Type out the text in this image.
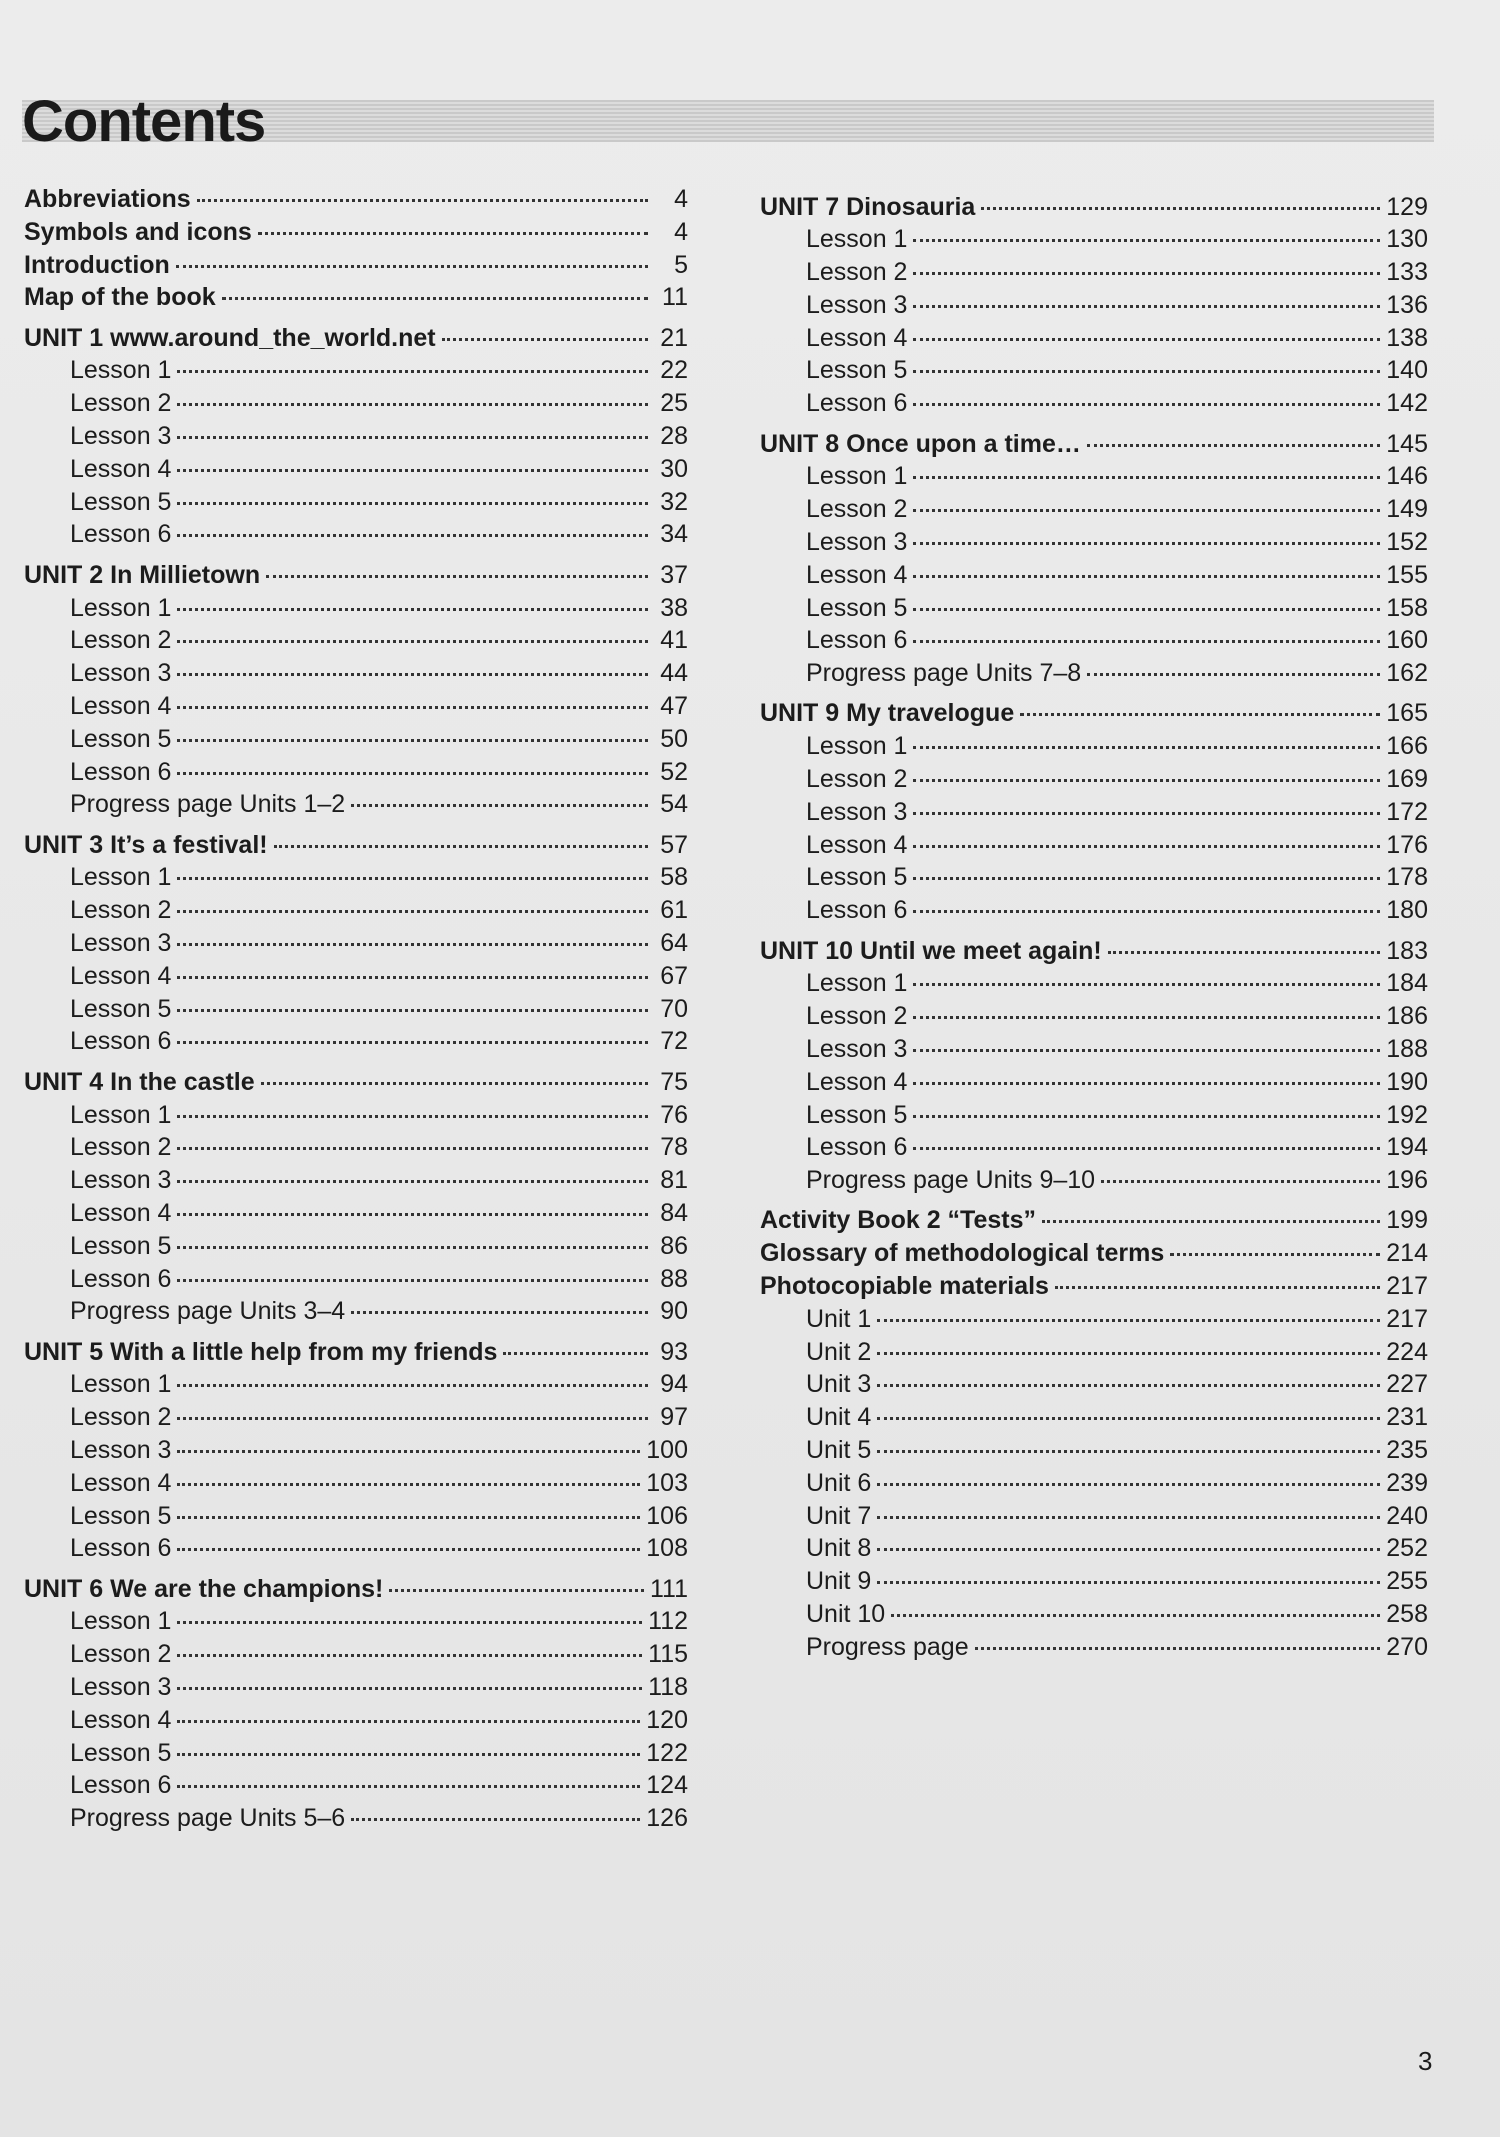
Contents
Abbreviations	4
Symbols and icons	4
Introduction	5
Map of the book	11
UNIT 1 www.around_the_world.net	21
Lesson 1	22
Lesson 2	25
Lesson 3	28
Lesson 4	30
Lesson 5	32
Lesson 6	34
UNIT 2 In Millietown	37
Lesson 1	38
Lesson 2	41
Lesson 3	44
Lesson 4	47
Lesson 5	50
Lesson 6	52
Progress page Units 1–2	54
UNIT 3 It’s a festival!	57
Lesson 1	58
Lesson 2	61
Lesson 3	64
Lesson 4	67
Lesson 5	70
Lesson 6	72
UNIT 4 In the castle	75
Lesson 1	76
Lesson 2	78
Lesson 3	81
Lesson 4	84
Lesson 5	86
Lesson 6	88
Progress page Units 3–4	90
UNIT 5 With a little help from my friends	93
Lesson 1	94
Lesson 2	97
Lesson 3	100
Lesson 4	103
Lesson 5	106
Lesson 6	108
UNIT 6 We are the champions!	111
Lesson 1	112
Lesson 2	115
Lesson 3	118
Lesson 4	120
Lesson 5	122
Lesson 6	124
Progress page Units 5–6	126
UNIT 7 Dinosauria	129
Lesson 1	130
Lesson 2	133
Lesson 3	136
Lesson 4	138
Lesson 5	140
Lesson 6	142
UNIT 8 Once upon a time…	145
Lesson 1	146
Lesson 2	149
Lesson 3	152
Lesson 4	155
Lesson 5	158
Lesson 6	160
Progress page Units 7–8	162
UNIT 9 My travelogue	165
Lesson 1	166
Lesson 2	169
Lesson 3	172
Lesson 4	176
Lesson 5	178
Lesson 6	180
UNIT 10 Until we meet again!	183
Lesson 1	184
Lesson 2	186
Lesson 3	188
Lesson 4	190
Lesson 5	192
Lesson 6	194
Progress page Units 9–10	196
Activity Book 2 “Tests”	199
Glossary of methodological terms	214
Photocopiable materials	217
Unit 1	217
Unit 2	224
Unit 3	227
Unit 4	231
Unit 5	235
Unit 6	239
Unit 7	240
Unit 8	252
Unit 9	255
Unit 10	258
Progress page	270
3
